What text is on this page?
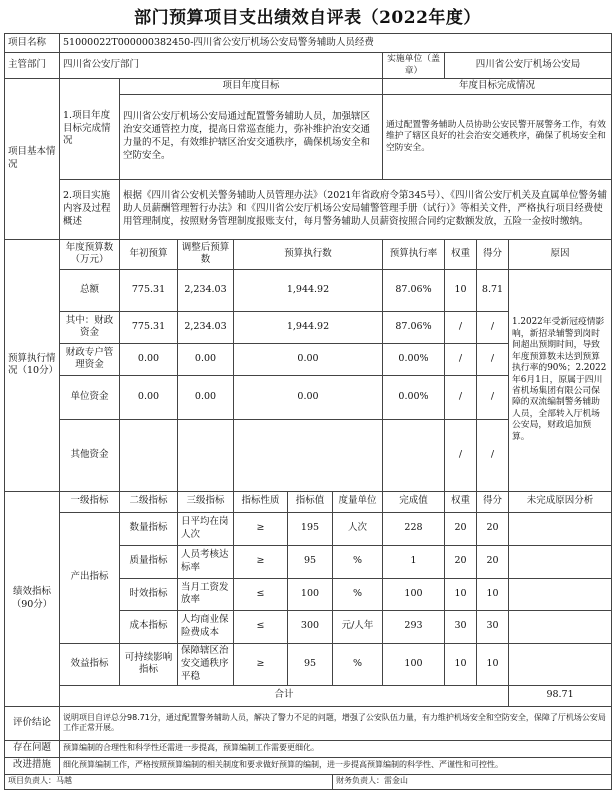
部门预算项目支出绩效自评表（2022年度）
项目名称	51000022T000000382450-四川省公安厅机场公安局警务辅助人员经费										
主管部门	四川省公安厅部门						实施单位（盖章）	四川省公安厅机场公安局			
项目基本情况	1.项目年度目标完成情况	项目年度目标					年度目标完成情况				
		四川省公安厅机场公安局通过配置警务辅助人员，加强辖区治安交通管控力度，提高日常巡查能力，弥补维护治安交通力量的不足，有效维护辖区治安交通秩序，确保机场安全和空防安全。					通过配置警务辅助人员协助公安民警开展警务工作，有效维护了辖区良好的社会治安交通秩序，确保了机场安全和空防安全。				
	2.项目实施内容及过程概述	根据《四川省公安机关警务辅助人员管理办法》（2021年省政府令第345号）、《四川省公安厅机关及直属单位警务辅助人员薪酬管理暂行办法》和《四川省公安厅机场公安局辅警管理手册（试行）》等相关文件，严格执行项目经费使用管理制度，按照财务管理制度报账支付，每月警务辅助人员薪资按照合同约定数额发放，五险一金按时缴纳。									
预算执行情况（10分）	年度预算数（万元）	年初预算	调整后预算数	预算执行数			预算执行率	权重	得分	原因	
	总额	775.31	2,234.03	1,944.92			87.06%	10	8.71	1.2022年受新冠疫情影响，新招录辅警到岗时间超出预期时间，导致年度预算数未达到预算执行率的90%；2.2022年6月1日，原属于四川省机场集团有限公司保障的双流编制警务辅助人员，全部转入厅机场公安局，财政追加预算。	
	其中：财政资金	775.31	2,234.03	1,944.92			87.06%	/	/		
	财政专户管理资金	0.00	0.00	0.00			0.00%	/	/		
	单位资金	0.00	0.00	0.00			0.00%	/	/		
	其他资金							/	/		
绩效指标（90分）	一级指标	二级指标	三级指标	指标性质	指标值	度量单位	完成值	权重	得分	未完成原因分析	
	产出指标	数量指标	日平均在岗人次	≥	195	人次	228	20	20		
		质量指标	人员考核达标率	≥	95	%	1	20	20		
		时效指标	当月工资发放率	≤	100	%	100	10	10		
		成本指标	人均商业保险费成本	≤	300	元/人年	293	30	30		
	效益指标	可持续影响指标	保障辖区治安交通秩序平稳	≥	95	%	100	10	10		
	合计									98.71	
评价结论	说明项目自评总分98.71分，通过配置警务辅助人员，解决了警力不足的问题，增强了公安队伍力量，有力维护机场安全和空防安全，保障了厅机场公安局工作正常开展。										
存在问题	预算编制的合理性和科学性还需进一步提高，预算编制工作需要更细化。										
改进措施	细化预算编制工作，严格按照预算编制的相关制度和要求做好预算的编制，进一步提高预算编制的科学性、严谨性和可控性。										
项目负责人：马越						财务负责人：雷金山					
